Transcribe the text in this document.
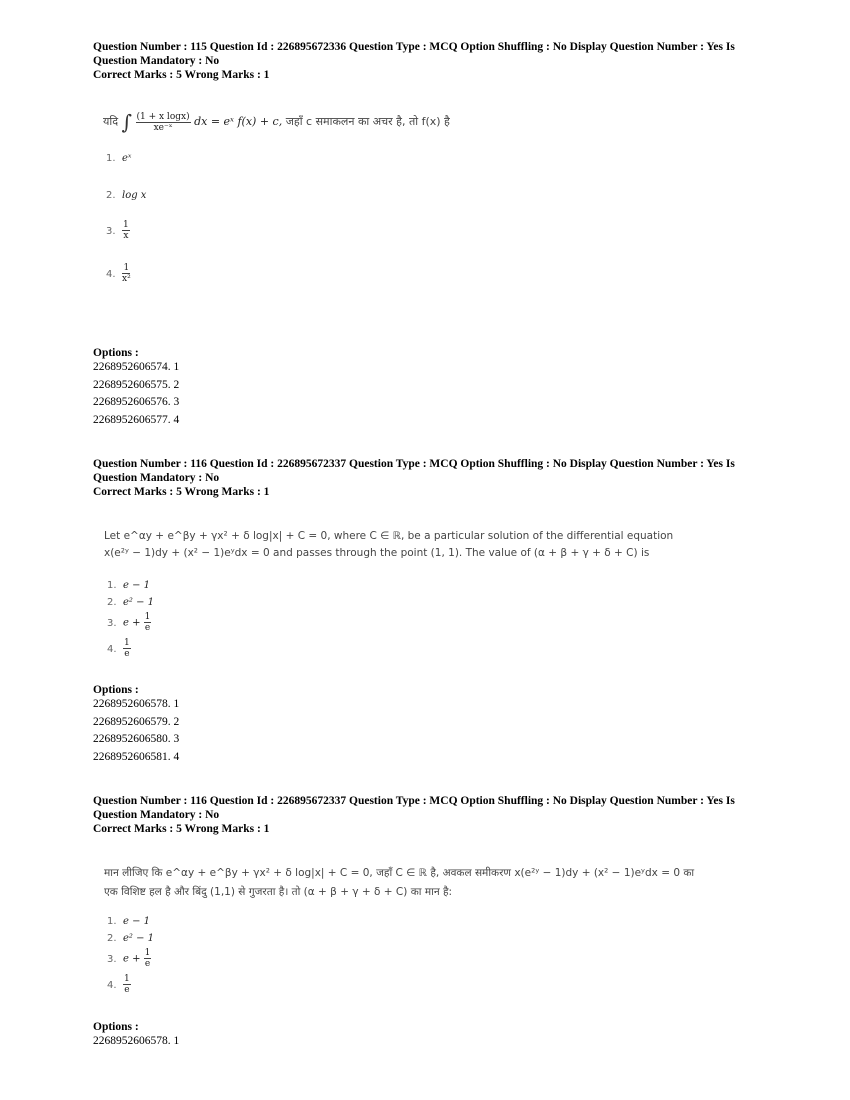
Question Number : 115 Question Id : 226895672336 Question Type : MCQ Option Shuffling : No Display Question Number : Yes Is
Question Mandatory : No
Correct Marks : 5 Wrong Marks : 1
यदि ∫ $\frac{\text{(1 + x logx)}}{\text{xe⁻ˣ}}$ dx = eˣ f(x) + c, जहाँ c समाकलन का अचर है, तो f(x) है
1. eˣ
2. log x
3. $\frac{1}{x}$
4. $\frac{1}{\text{x²}}$
Options :
2268952606574. 1
2268952606575. 2
2268952606576. 3
2268952606577. 4
Question Number : 116 Question Id : 226895672337 Question Type : MCQ Option Shuffling : No Display Question Number : Yes Is
Question Mandatory : No
Correct Marks : 5 Wrong Marks : 1
Let e^αy + e^βy + γx² + δ log|x| + C = 0, where C ∈ ℝ, be a particular solution of the differential equation
x(e²ʸ − 1)dy + (x² − 1)eʸdx = 0 and passes through the point (1, 1). The value of (α + β + γ + δ + C) is
1. e − 1
2. e² − 1
3. $e + \frac{1}{e}$
4. $\frac{1}{e}$
Options :
2268952606578. 1
2268952606579. 2
2268952606580. 3
2268952606581. 4
Question Number : 116 Question Id : 226895672337 Question Type : MCQ Option Shuffling : No Display Question Number : Yes Is
Question Mandatory : No
Correct Marks : 5 Wrong Marks : 1
मान लीजिए कि e^αy + e^βy + γx² + δ log|x| + C = 0, जहाँ C ∈ ℝ है, अवकल समीकरण x(e²ʸ − 1)dy + (x² − 1)eʸdx = 0 का
एक विशिष्ट हल है और बिंदु (1,1) से गुजरता है। तो (α + β + γ + δ + C) का मान है:
1. e − 1
2. e² − 1
3. $e + \frac{1}{e}$
4. $\frac{1}{e}$
Options :
2268952606578. 1
